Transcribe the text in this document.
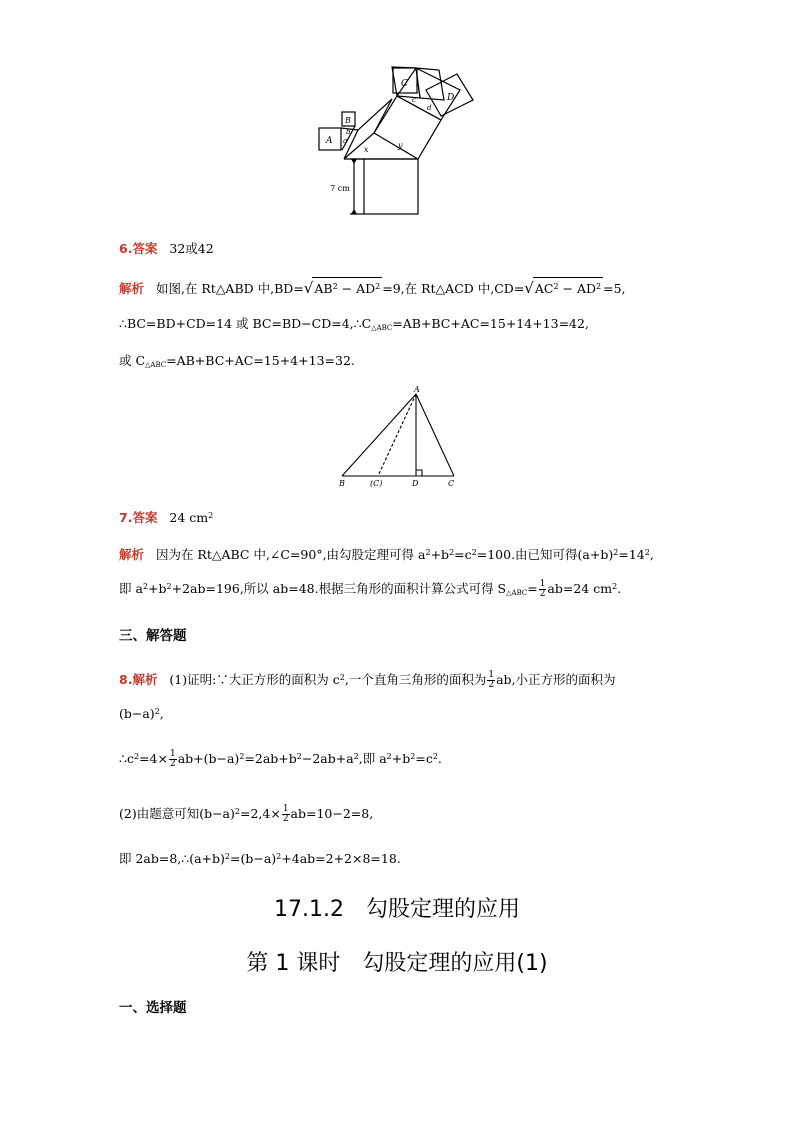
A
B
b
a
x	y
C
c
d
D
7 cm
6.答案 32或42
解析 如图,在 Rt△ABD 中$,BD=√AB^2 - AD^2 =9$,在 Rt△ACD 中$,CD=√AC^2 - AD^2 =5$,
∴BC=BD+CD=14 或 $BC=BD-CD=4,\therefore C_{\triangle ABC}=AB+BC+AC=15+14+13=42$,
或 $C_{\triangle ABC}=AB+BC+AC=15+4+13=32$.
A
B	(C)	D	C
7.答案 24 $cm^2$
解析 因为在 Rt△ABC 中,∠C=90°,由勾股定理可得 $a^2+b^2=c^2=100$.由已知可得$(a+b)^2=14^2$,
即 $a^2+b^2+2ab=196$,所以 ab=48.根据三角形的面积计算公式可得 $S_{\triangle ABC}= \frac{1}{2} ab=24$ $cm^2$.
三、解答题
8.解析 (1)证明:∵大正方形的面积为 $c^2$,一个直角三角形的面积为 $\frac{1}{2}$ ab,小正方形的面积为
$(b-a)^2$,
$\therefore c^2=4\times \frac{1}{2} ab+(b-a)^2=2ab+b^2-2ab+a^2$,即 $a^2+b^2=c^2$.
(2)由题意可知$(b-a)^2=2,4\times \frac{1}{2} ab=10-2=8$,
即 $2ab=8,\therefore(a+b)^2=(b-a)^2+4ab=2+2\times 8=18$.
17.1.2　勾股定理的应用
第 1 课时　勾股定理的应用(1)
一、选择题
